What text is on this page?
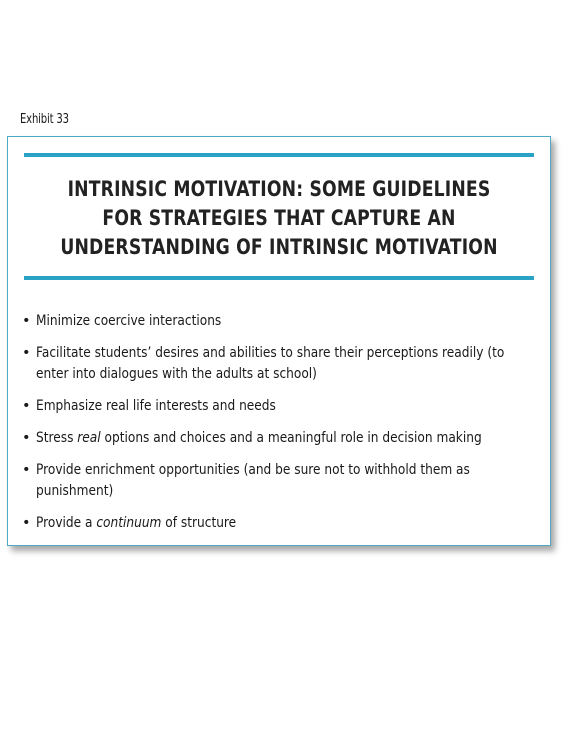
Exhibit 33
INTRINSIC MOTIVATION: SOME GUIDELINES
FOR STRATEGIES THAT CAPTURE AN
UNDERSTANDING OF INTRINSIC MOTIVATION
• Minimize coercive interactions
• Facilitate students’ desires and abilities to share their perceptions readily (to enter into dialogues with the adults at school)
• Emphasize real life interests and needs
• Stress real options and choices and a meaningful role in decision making
• Provide enrichment opportunities (and be sure not to withhold them as punishment)
• Provide a continuum of structure
